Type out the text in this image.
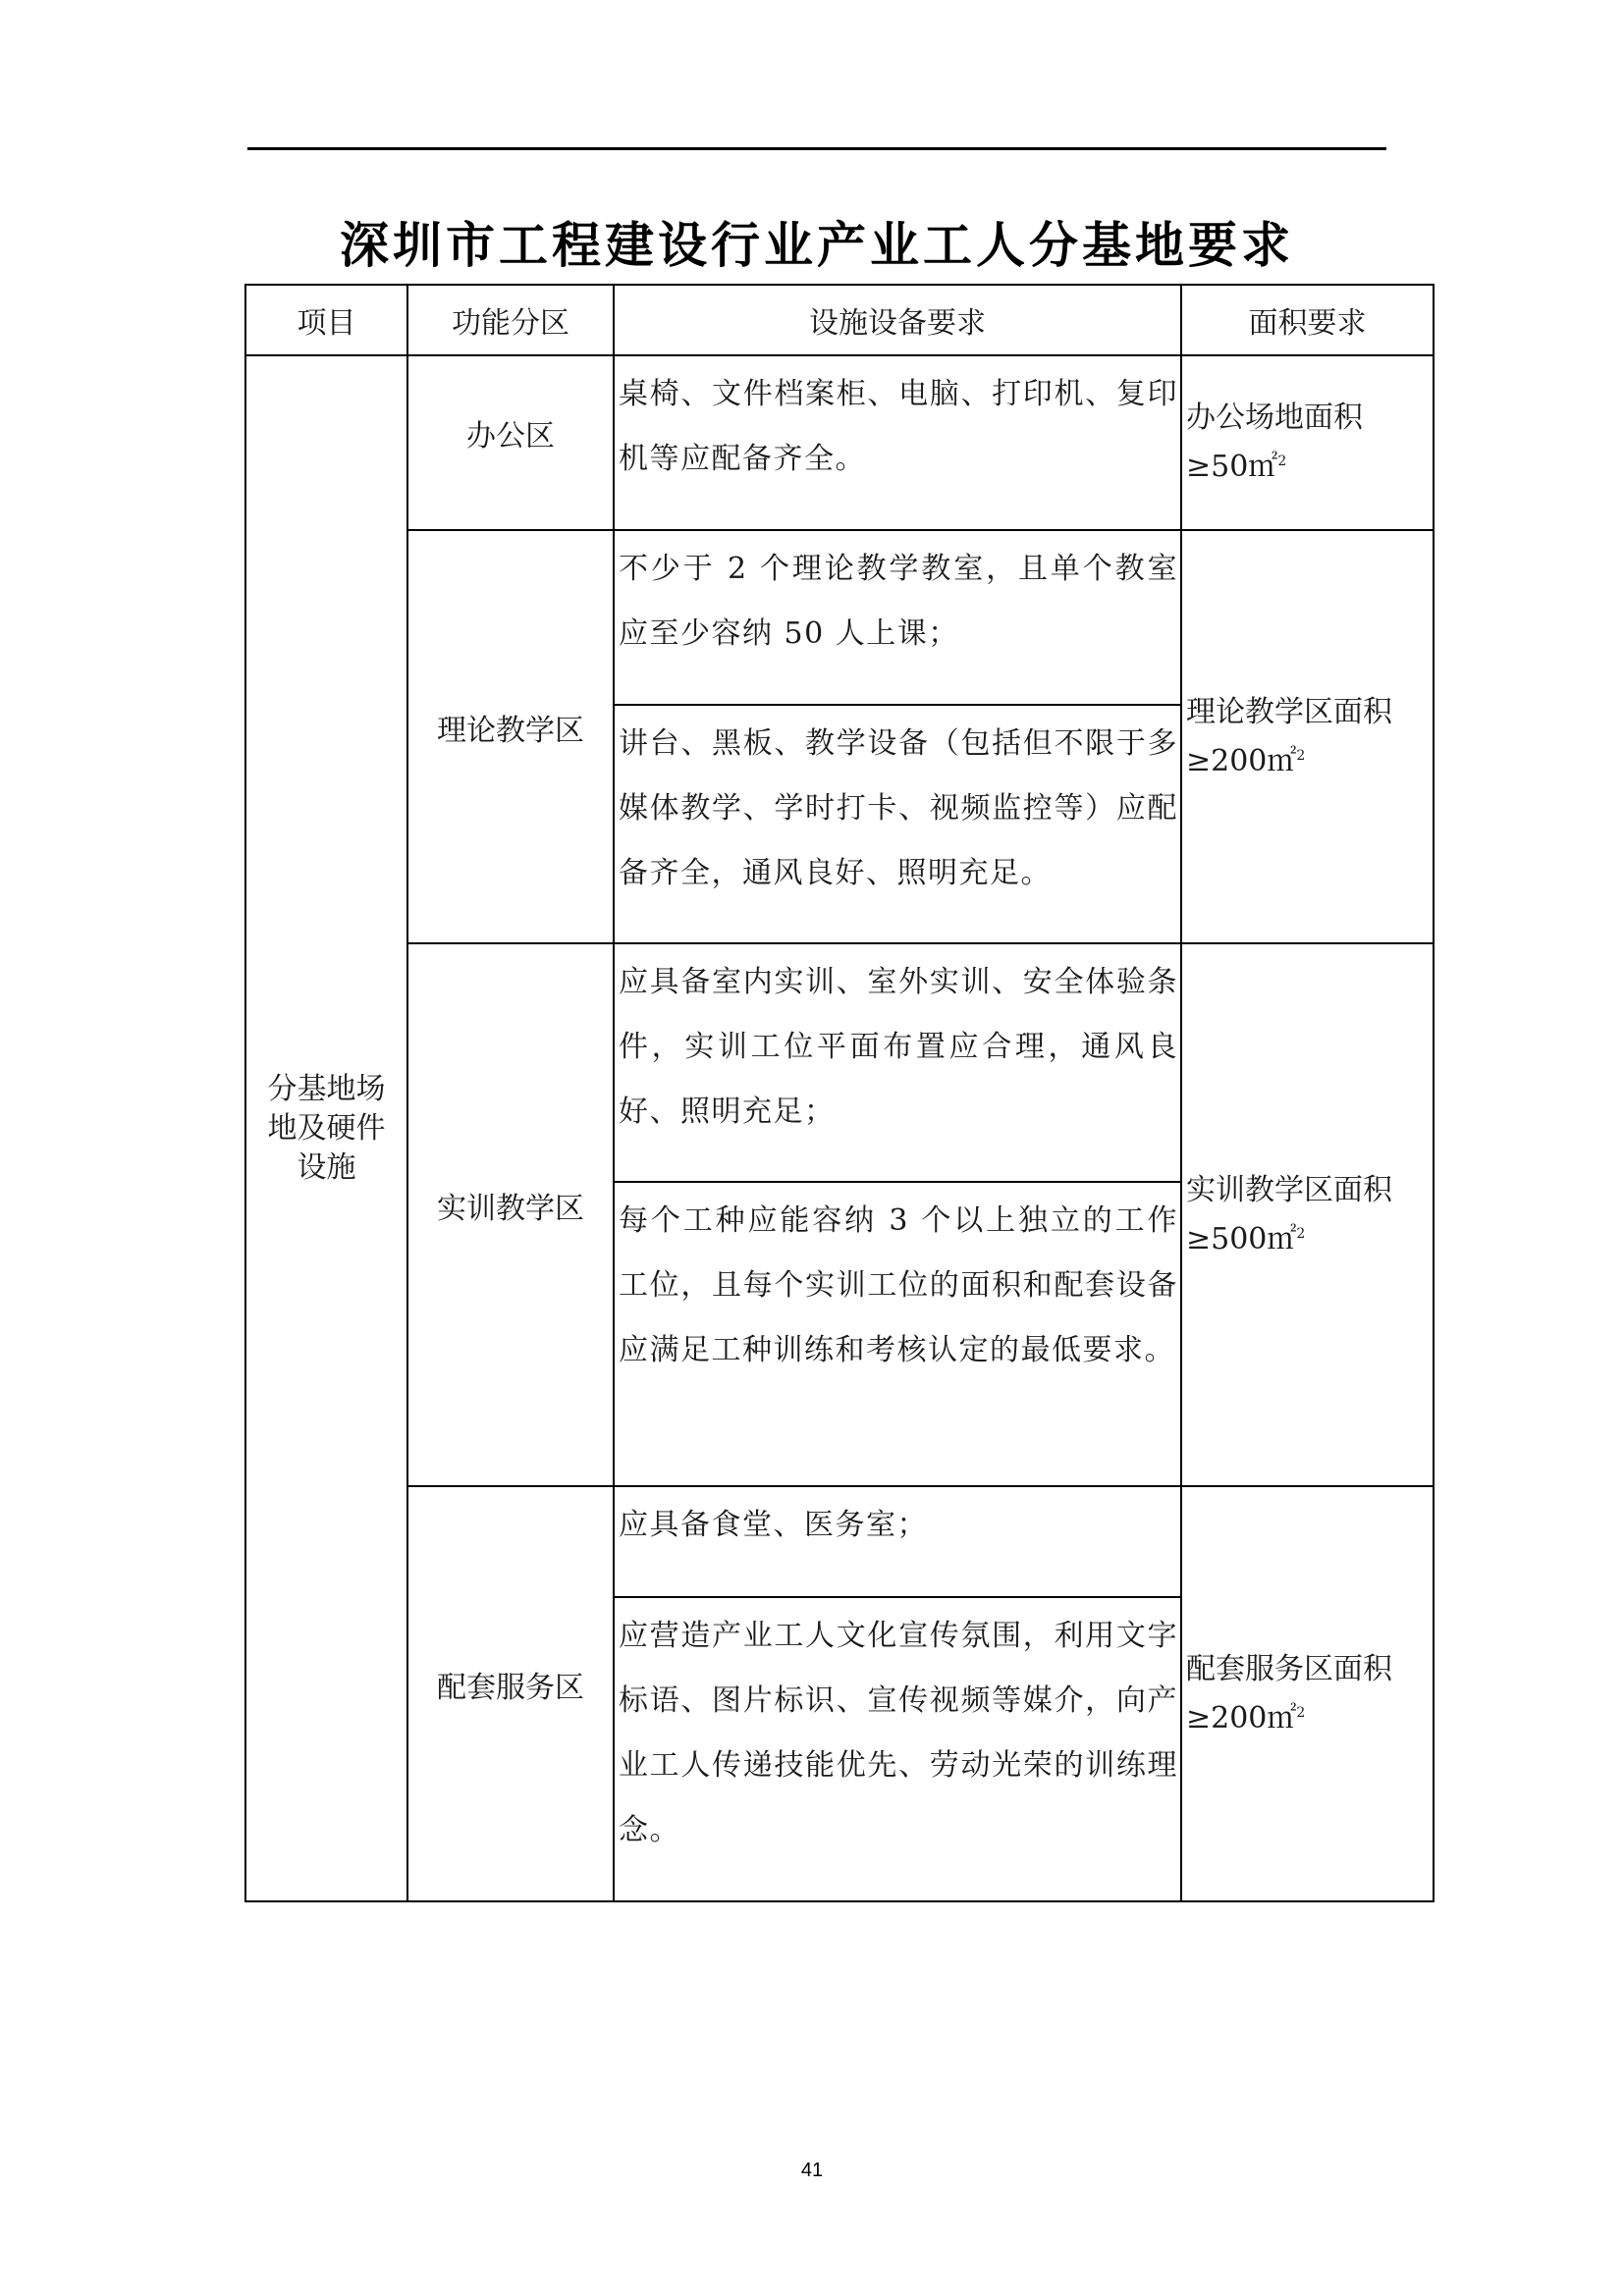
深圳市工程建设行业产业工人分基地要求
项目	功能分区	设施设备要求	面积要求
分基地场地及硬件设施	办公区	桌椅、文件档案柜、电脑、打印机、复印机等应配备齐全。	办公场地面积
≥50㎡$^2$

	理论教学区	不少于 2 个理论教学教室，且单个教室应至少容纳 50 人上课；	理论教学区面积
≥200㎡$^2$

		讲台、黑板、教学设备（包括但不限于多媒体教学、学时打卡、视频监控等）应配备齐全，通风良好、照明充足。	
	实训教学区	应具备室内实训、室外实训、安全体验条件，实训工位平面布置应合理，通风良好、照明充足；	实训教学区面积
≥500㎡$^2$

		每个工种应能容纳 3 个以上独立的工作工位，且每个实训工位的面积和配套设备应满足工种训练和考核认定的最低要求。	
	配套服务区	应具备食堂、医务室；	配套服务区面积
≥200㎡$^2$

		应营造产业工人文化宣传氛围，利用文字标语、图片标识、宣传视频等媒介，向产业工人传递技能优先、劳动光荣的训练理念。	
41
